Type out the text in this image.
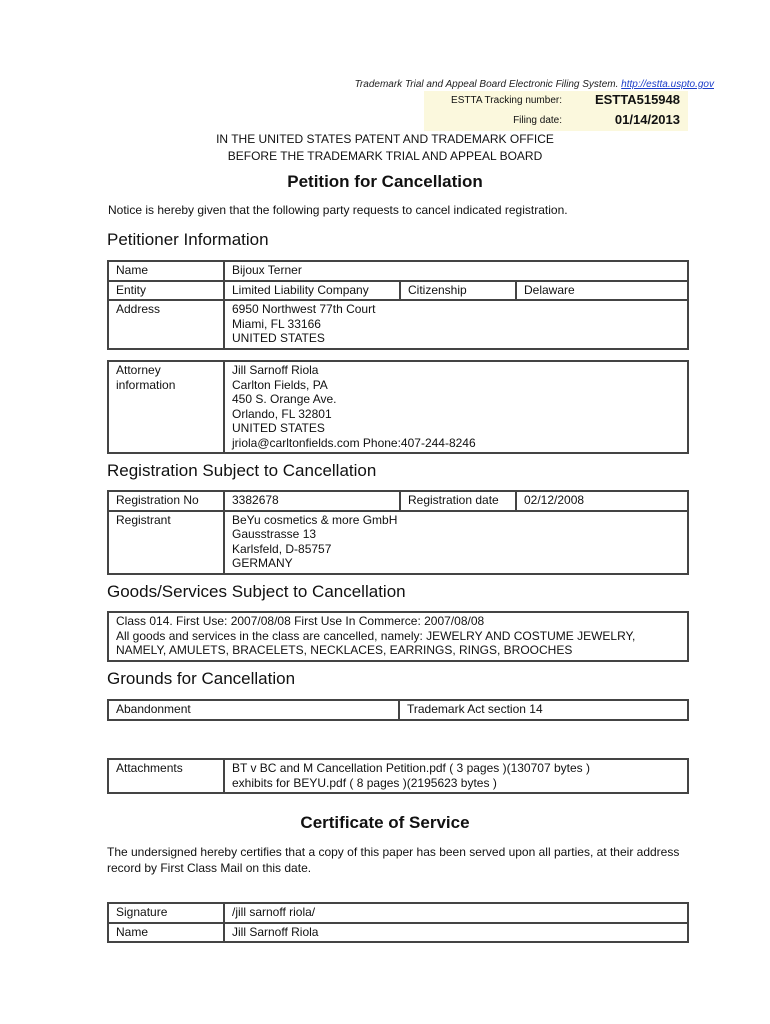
Trademark Trial and Appeal Board Electronic Filing System. http://estta.uspto.gov
ESTTA Tracking number:	ESTTA515948
Filing date:	01/14/2013
IN THE UNITED STATES PATENT AND TRADEMARK OFFICE
BEFORE THE TRADEMARK TRIAL AND APPEAL BOARD
Petition for Cancellation
Notice is hereby given that the following party requests to cancel indicated registration.
Petitioner Information
Name	Bijoux Terner		
Entity	Limited Liability Company	Citizenship	Delaware
Address	6950 Northwest 77th Court
Miami, FL 33166
UNITED STATES		
Attorney
information	Jill Sarnoff Riola
Carlton Fields, PA
450 S. Orange Ave.
Orlando, FL 32801
UNITED STATES
jriola@carltonfields.com Phone:407-244-8246
Registration Subject to Cancellation
Registration No	3382678	Registration date	02/12/2008
Registrant	BeYu cosmetics & more GmbH
Gausstrasse 13
Karlsfeld, D-85757
GERMANY		
Goods/Services Subject to Cancellation
Class 014. First Use: 2007/08/08 First Use In Commerce: 2007/08/08
All goods and services in the class are cancelled, namely: JEWELRY AND COSTUME JEWELRY,
NAMELY, AMULETS, BRACELETS, NECKLACES, EARRINGS, RINGS, BROOCHES
Grounds for Cancellation
Abandonment	Trademark Act section 14
Attachments	BT v BC and M Cancellation Petition.pdf ( 3 pages )(130707 bytes )
exhibits for BEYU.pdf ( 8 pages )(2195623 bytes )
Certificate of Service
The undersigned hereby certifies that a copy of this paper has been served upon all parties, at their address record by First Class Mail on this date.
Signature	/jill sarnoff riola/
Name	Jill Sarnoff Riola
